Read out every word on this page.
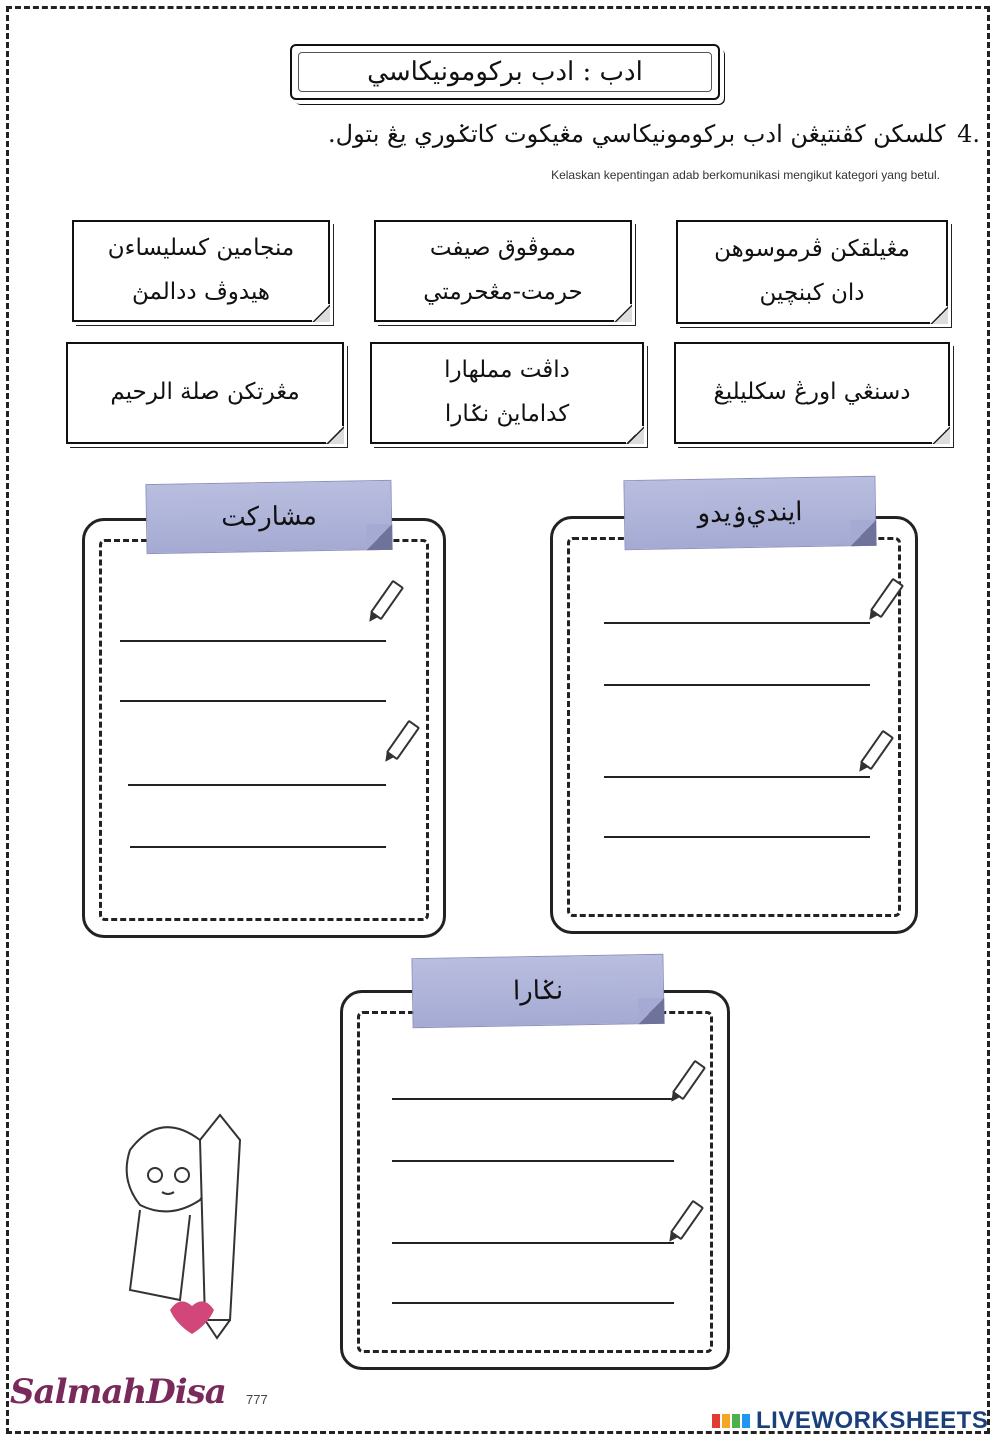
ادب : ادب برکومونيکاسي
4. کلسکن کڤنتيڠن ادب برکومونيکاسي مڠيکوت کاتݢوري يڠ بتول.
Kelaskan kepentingan adab berkomunikasi mengikut kategori yang betul.
منجامين کسليساءن
هيدوڤ ددالمڽ
مموڤوق صيفت
حرمت-مڠحرمتي
مڠيلقکن ڤرموسوهن
دان کبنچين
مڠرتکن صلة الرحيم
داڤت مملهارا
کدامايڽ نݢارا
دسنڠي اورڠ سکليليڠ
مشارکت	ايندي‌ۏيدو
نݢارا
SalmahDisa 777
LIVEWORKSHEETS
